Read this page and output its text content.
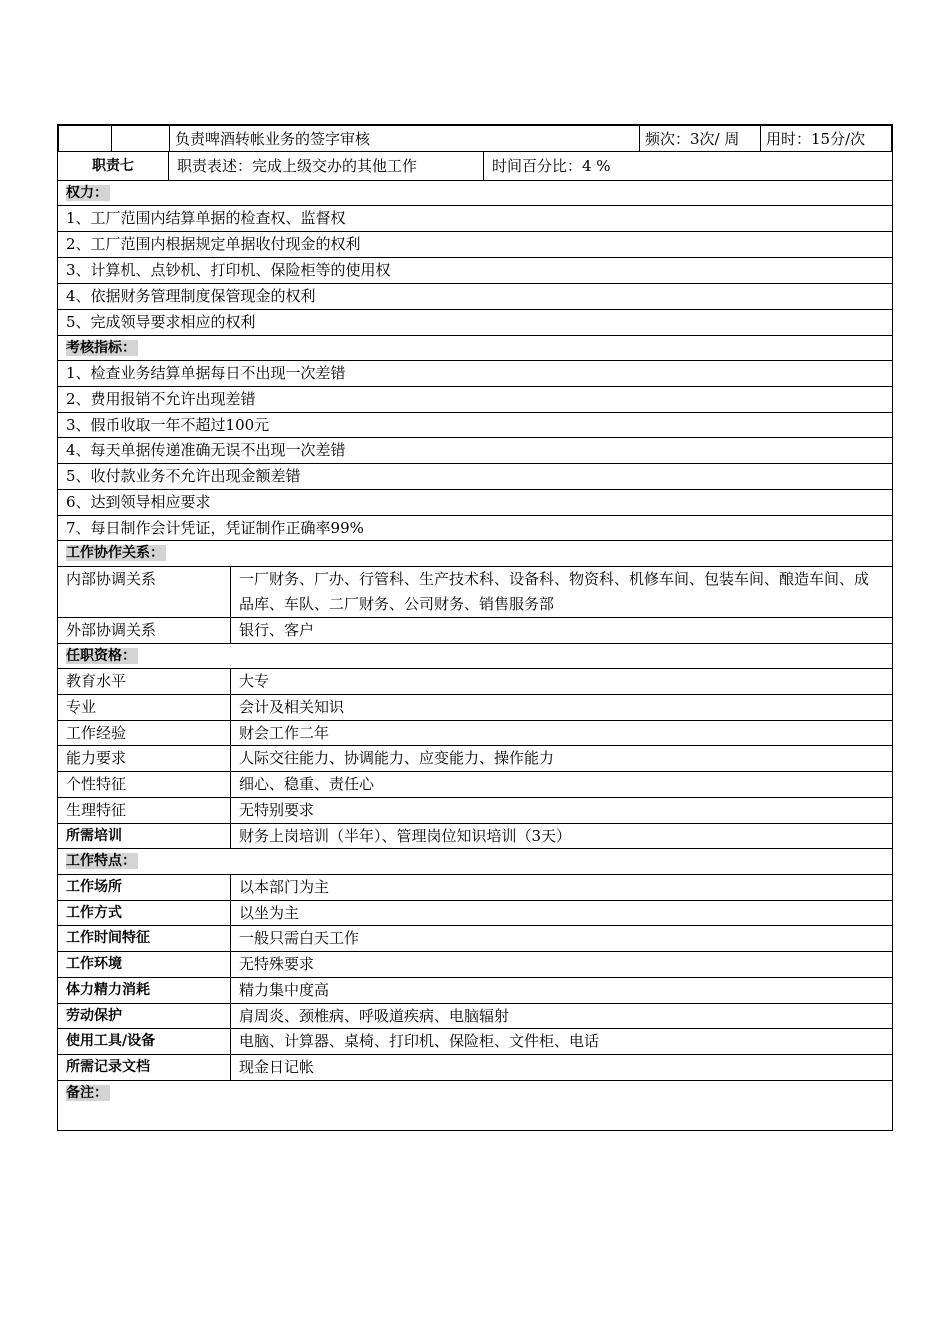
负责啤酒转帐业务的签字审核	频次：3次/ 周	用时：15分/次
职责七	职责表述：完成上级交办的其他工作	时间百分比：4 %
权力：
1、工厂范围内结算单据的检查权、监督权
2、工厂范围内根据规定单据收付现金的权利
3、计算机、点钞机、打印机、保险柜等的使用权
4、依据财务管理制度保管现金的权利
5、完成领导要求相应的权利
考核指标：
1、检查业务结算单据每日不出现一次差错
2、费用报销不允许出现差错
3、假币收取一年不超过100元
4、每天单据传递准确无误不出现一次差错
5、收付款业务不允许出现金额差错
6、达到领导相应要求
7、每日制作会计凭证，凭证制作正确率99%
工作协作关系：
内部协调关系	一厂财务、厂办、行管科、生产技术科、设备科、物资科、机修车间、包装车间、酿造车间、成
品库、车队、二厂财务、公司财务、销售服务部
外部协调关系	银行、客户
任职资格：
教育水平	大专
专业	会计及相关知识
工作经验	财会工作二年
能力要求	人际交往能力、协调能力、应变能力、操作能力
个性特征	细心、稳重、责任心
生理特征	无特别要求
所需培训	财务上岗培训（半年）、管理岗位知识培训（3天）
工作特点：
工作场所	以本部门为主
工作方式	以坐为主
工作时间特征	一般只需白天工作
工作环境	无特殊要求
体力精力消耗	精力集中度高
劳动保护	肩周炎、颈椎病、呼吸道疾病、电脑辐射
使用工具/设备	电脑、计算器、桌椅、打印机、保险柜、文件柜、电话
所需记录文档	现金日记帐
备注：
